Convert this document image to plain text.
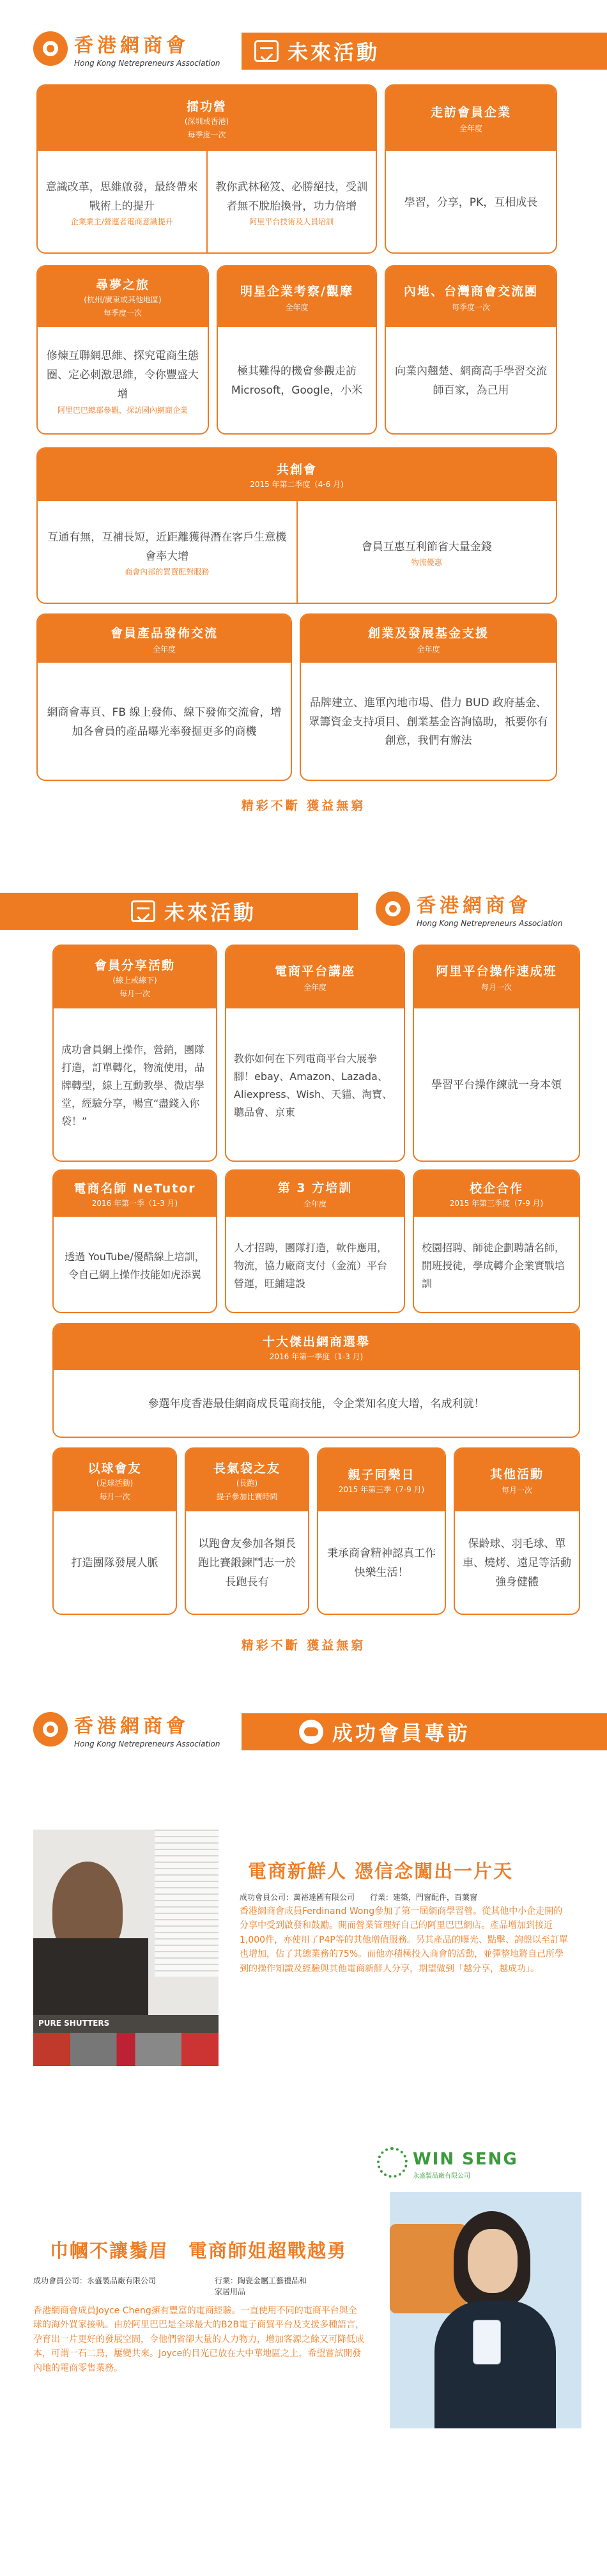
香港網商會
Hong Kong Netrepreneurs Association	未來活動
擂功營
(深圳或香港)
每季度一次
意識改革，思維啟發，最終帶來戰術上的提升
企業業主/營運者電商意識提升
教你武林秘笈、必勝絕技，受訓者無不脫胎換骨，功力倍增
阿里平台技術及人員培訓
走訪會員企業
全年度
學習，分享，PK，互相成長
尋夢之旅
(杭州/廣東或其他地區)
每季度一次
修煉互聯網思維、探究電商生態圈、定必刺激思維，令你豐盛大增
阿里巴巴總部參觀，探訪國內網商企業
明星企業考察/觀摩
全年度
極其難得的機會參觀走訪 Microsoft，Google，小米
內地、台灣商會交流團
每季度一次
向業內翹楚、網商高手學習交流師百家，為己用
共創會
2015 年第二季度（4-6 月)
互通有無，互補長短，近距離獲得潛在客戶生意機會率大增
商會內部的買賣配對服務
會員互惠互利節省大量金錢
物流優惠
會員產品發佈交流
全年度
網商會專頁、FB 線上發佈、線下發佈交流會，增加各會員的產品曝光率發掘更多的商機
創業及發展基金支援
全年度
品牌建立、進軍內地市場、借力 BUD 政府基金、眾籌資金支持項目、創業基金咨詢協助，祇要你有創意，我們有辦法
精彩不斷 獲益無窮
未來活動	香港網商會
Hong Kong Netrepreneurs Association
會員分享活動
(線上或線下)
每月一次
成功會員網上操作，營銷，團隊打造，訂單轉化，物流使用，品牌轉型，線上互動教學、微店學堂，經驗分享，暢宣“盡錢入你袋！”
電商平台講座
全年度
教你如何在下列電商平台大展拳腳！ebay、Amazon、Lazada、Aliexpress、Wish、天貓、淘寶、聰品會、京東
阿里平台操作速成班
每月一次
學習平台操作練就一身本領
電商名師 NeTutor
2016 年第一季（1-3 月)
透過 YouTube/優酷線上培訓，令自己網上操作技能如虎添翼
第 3 方培訓
全年度
人才招聘，團隊打造，軟件應用，物流，協力廠商支付（金流）平台營運，旺鋪建設
校企合作
2015 年第三季度（7-9 月)
校園招聘、師徒企劃聘請名師，開班授徒，學成轉介企業實戰培訓
十大傑出網商選舉
2016 年第一季度（1-3 月)
參選年度香港最佳網商成長電商技能，令企業知名度大增，名成利就！
以球會友
(足球活動)
每月一次
打造團隊發展人脈
長氣袋之友
(長跑)
提子參加比賽時間
以跑會友參加各類長跑比賽鍛鍊鬥志一於長跑長有
親子同樂日
2015 年第三季（7-9 月)
秉承商會精神認真工作快樂生活！
其他活動
每月一次
保齡球、羽毛球、單車、燒烤、遠足等活動強身健體
精彩不斷 獲益無窮
香港網商會
Hong Kong Netrepreneurs Association	成功會員專訪
PURE SHUTTERS
電商新鮮人 憑信念闖出一片天
成功會員公司：萬裕達國有限公司　　行業：建築，門窗配件，百葉窗
香港網商會成員Ferdinand Wong參加了第一屆網商學習營。從其他中小企走開的分享中受到啟發和鼓勵。開而營業管理好自己的阿里巴巴網店。產品增加到接近1,000件，亦使用了P4P等的其他增值服務。另其產品的曝光、點擊、詢盤以至訂單也增加，佔了其總業務的75%。而他亦積極投入商會的活動，並彈整地將自己所學到的操作知識及經驗與其他電商新鮮人分享，期望做到「越分享，越成功」。
巾幗不讓鬚眉　電商師姐超戰越勇
成功會員公司：永盛製品廠有限公司	行業：陶瓷金屬工藝禮品和家居用品
香港網商會成員Joyce Cheng擁有豐富的電商經驗。一直使用不同的電商平台與全球的海外買家接軌。由於阿里巴巴是全球最大的B2B電子商貿平台及支援多種語言，孕育出一片更好的發展空間，令他們省卻大量的人力物力，增加客源之餘又可降低成本，可謂一石二鳥，屢變共來。Joyce的目光已放在大中華地區之上，希望嘗試開發內地的電商零售業務。
WIN SENG
永盛製品廠有限公司
